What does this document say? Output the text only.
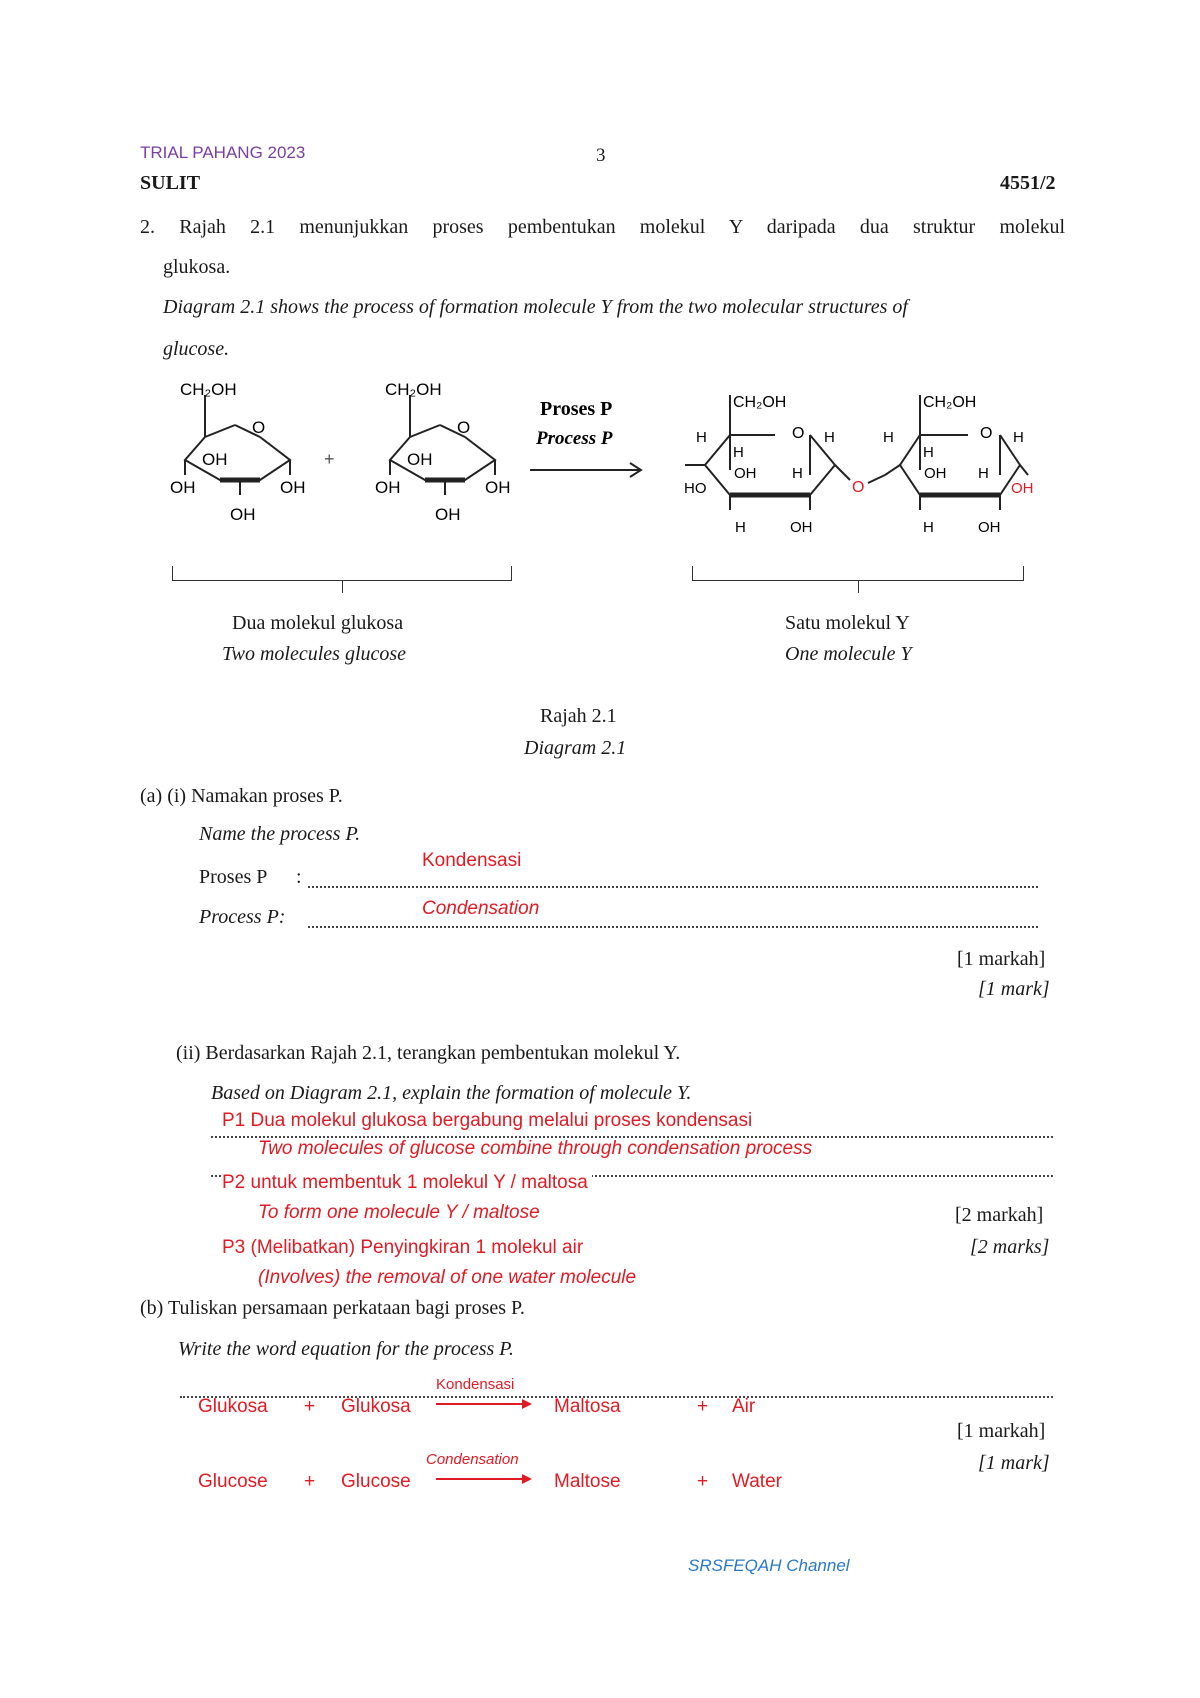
TRIAL PAHANG 2023	3
SULIT	4551/2
2. Rajah 2.1 menunjukkan proses pembentukan molekul Y daripada dua struktur molekul
glukosa.
Diagram 2.1 shows the process of formation molecule Y from the two molecular structures of
glucose.
CH₂OH
O
OH
OH	OH
OH
+
CH₂OH
O
OH
OH	OH
OH
Proses P
Process P
CH₂OH
O
H
H
H
OH H
HO
H	OH
O
CH₂OH
O
H
H
H
OH H
OH
H	OH
Dua molekul glukosa
Two molecules glucose
Satu molekul Y
One molecule Y
Rajah 2.1
Diagram 2.1
(a) (i) Namakan proses P.
Name the process P.
Kondensasi
Proses P :
Condensation
Process P:
[1 markah]
[1 mark]
(ii) Berdasarkan Rajah 2.1, terangkan pembentukan molekul Y.
Based on Diagram 2.1, explain the formation of molecule Y.
P1 Dua molekul glukosa bergabung melalui proses kondensasi
Two molecules of glucose combine through condensation process
P2 untuk membentuk 1 molekul Y / maltosa
To form one molecule Y / maltose	[2 markah]
P3 (Melibatkan) Penyingkiran 1 molekul air	[2 marks]
(Involves) the removal of one water molecule
(b) Tuliskan persamaan perkataan bagi proses P.
Write the word equation for the process P.
Glukosa + Glukosa
Kondensasi
Maltosa	+ Air
[1 markah]
[1 mark]
Glucose + Glucose
Condensation
Maltose	+ Water
SRSFEQAH Channel
